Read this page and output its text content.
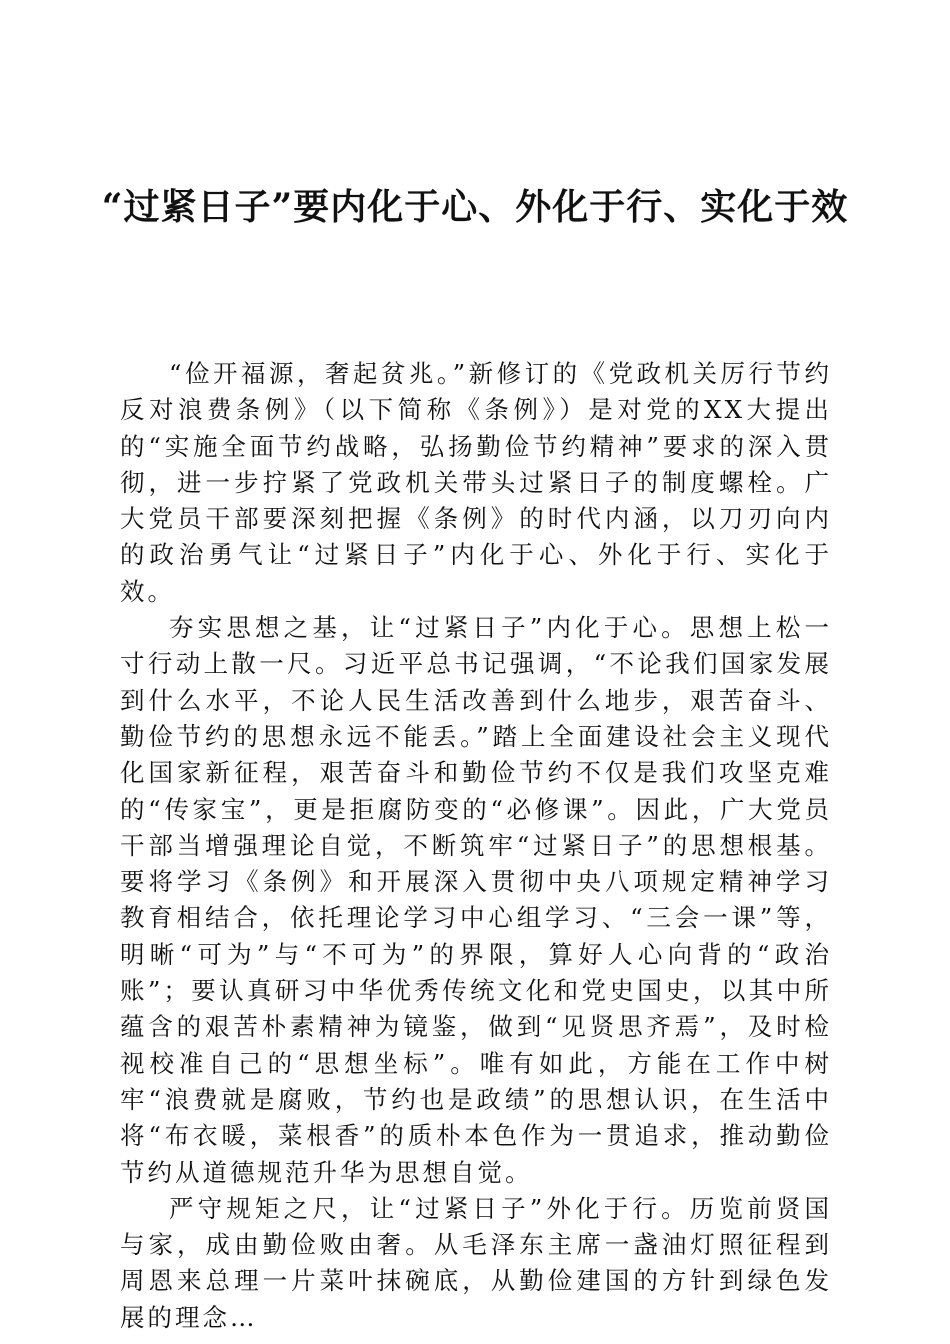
“过紧日子”要内化于心、外化于行、实化于效

“俭开福源，奢起贫兆。”新修订的《党政机关厉行节约反对浪费条例》（以下简称《条例》）是对党的XX大提出的“实施全面节约战略，弘扬勤俭节约精神”要求的深入贯彻，进一步拧紧了党政机关带头过紧日子的制度螺栓。广大党员干部要深刻把握《条例》的时代内涵，以刀刃向内的政治勇气让“过紧日子”内化于心、外化于行、实化于效。

夯实思想之基，让“过紧日子”内化于心。思想上松一寸行动上散一尺。习近平总书记强调，“不论我们国家发展到什么水平，不论人民生活改善到什么地步，艰苦奋斗、勤俭节约的思想永远不能丢。”踏上全面建设社会主义现代化国家新征程，艰苦奋斗和勤俭节约不仅是我们攻坚克难的“传家宝”，更是拒腐防变的“必修课”。因此，广大党员干部当增强理论自觉，不断筑牢“过紧日子”的思想根基。要将学习《条例》和开展深入贯彻中央八项规定精神学习教育相结合，依托理论学习中心组学习、“三会一课”等，明晰“可为”与“不可为”的界限，算好人心向背的“政治账”；要认真研习中华优秀传统文化和党史国史，以其中所蕴含的艰苦朴素精神为镜鉴，做到“见贤思齐焉”，及时检视校准自己的“思想坐标”。唯有如此，方能在工作中树牢“浪费就是腐败，节约也是政绩”的思想认识，在生活中将“布衣暖，菜根香”的质朴本色作为一贯追求，推动勤俭节约从道德规范升华为思想自觉。

严守规矩之尺，让“过紧日子”外化于行。历览前贤国与家，成由勤俭败由奢。从毛泽东主席一盏油灯照征程到周恩来总理一片菜叶抹碗底，从勤俭建国的方针到绿色发展的理念…
